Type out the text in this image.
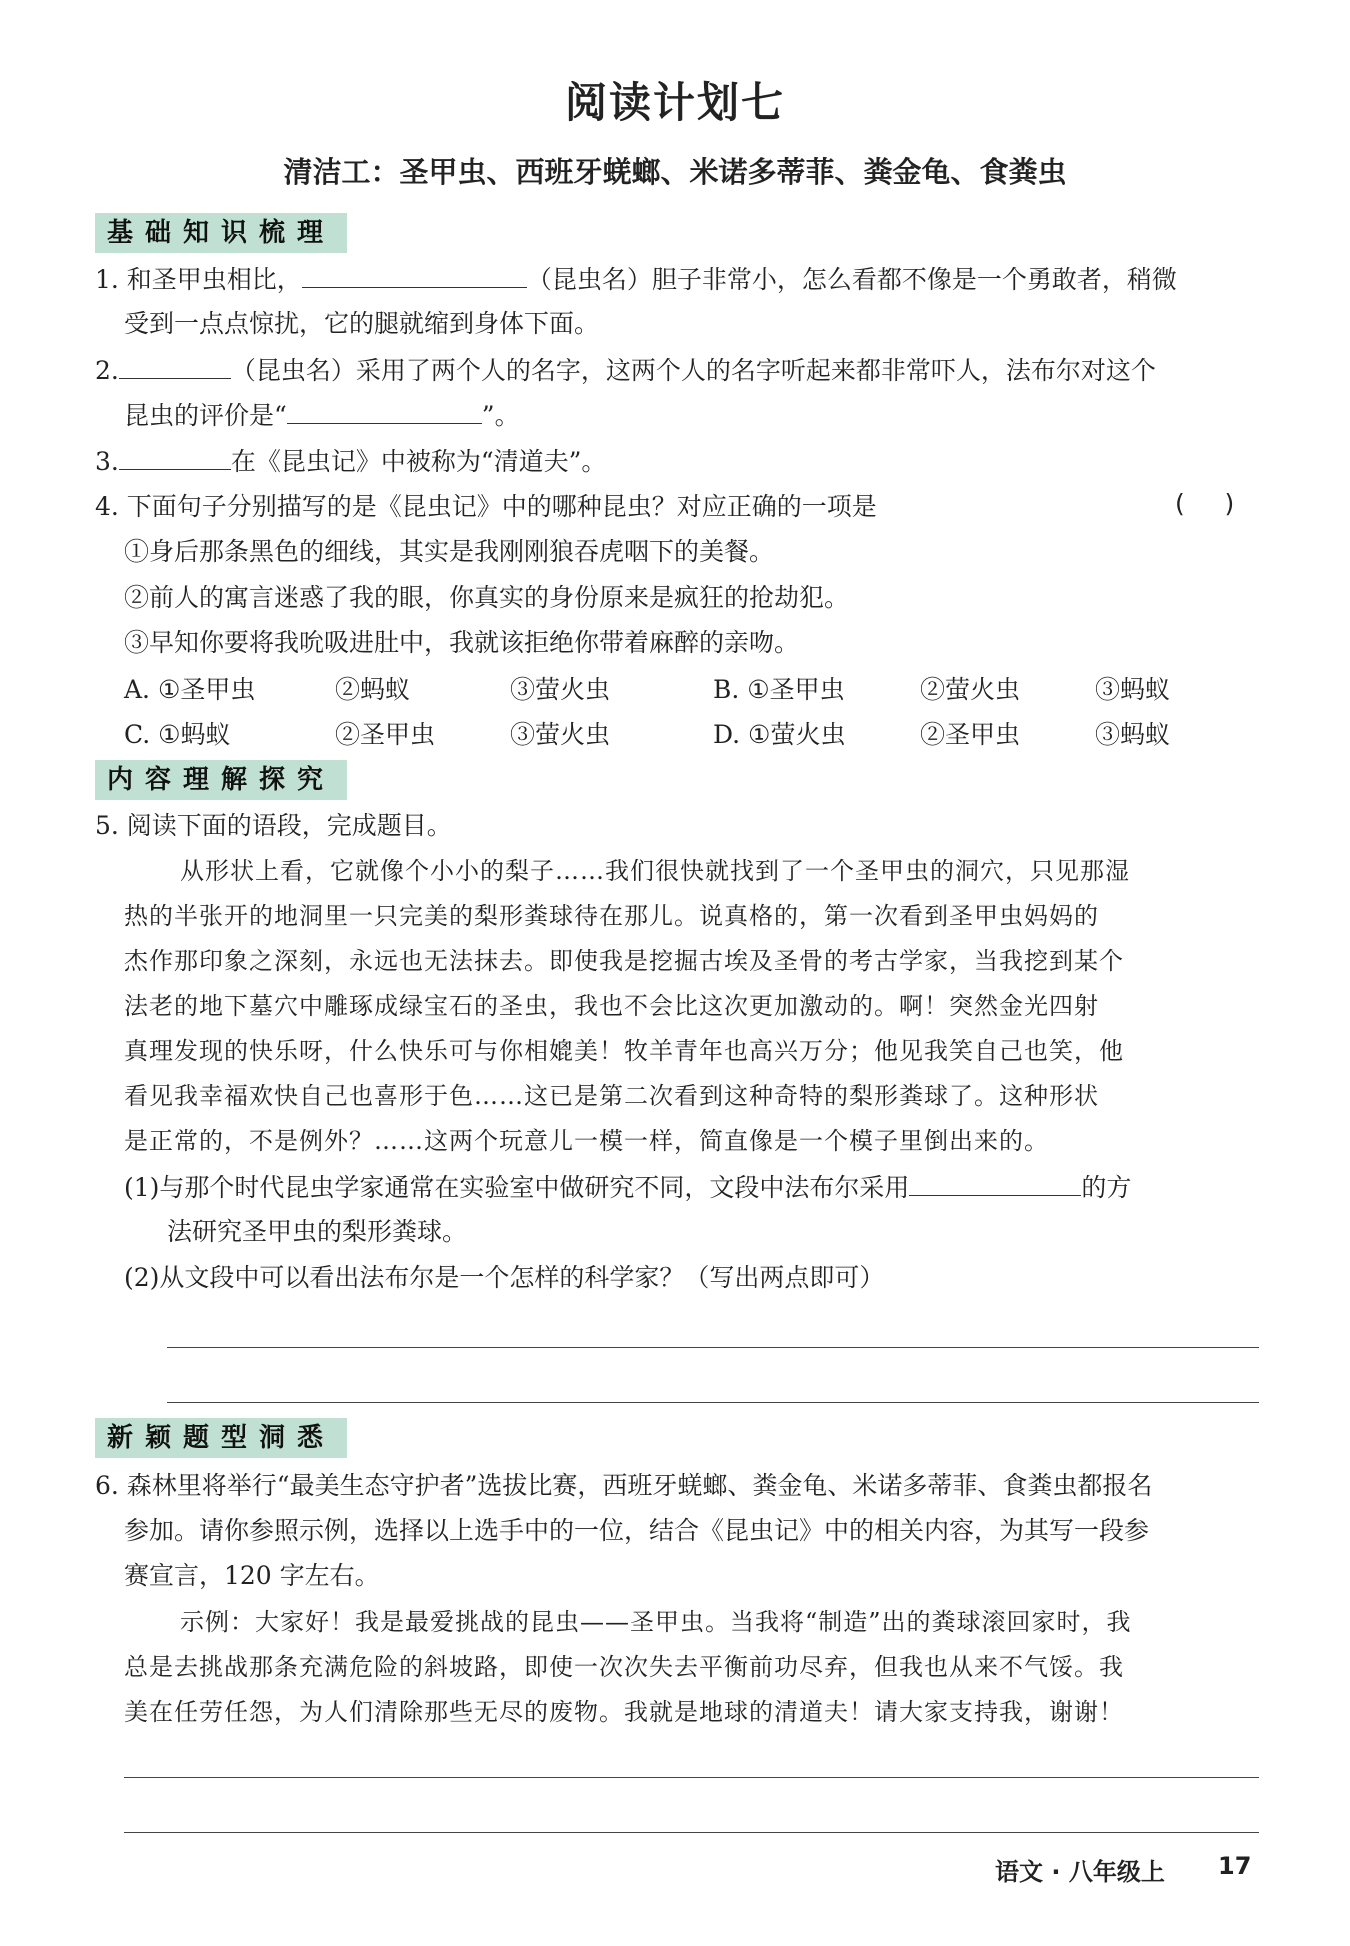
阅读计划七
清洁工：圣甲虫、西班牙蜣螂、米诺多蒂菲、粪金龟、食粪虫
基础知识梳理
1. 和圣甲虫相比，	（昆虫名）胆子非常小，怎么看都不像是一个勇敢者，稍微
受到一点点惊扰，它的腿就缩到身体下面。
2.	（昆虫名）采用了两个人的名字，这两个人的名字听起来都非常吓人，法布尔对这个
昆虫的评价是“	”。
3.	在《昆虫记》中被称为“清道夫”。
4. 下面句子分别描写的是《昆虫记》中的哪种昆虫？对应正确的一项是	(     )
①身后那条黑色的细线，其实是我刚刚狼吞虎咽下的美餐。
②前人的寓言迷惑了我的眼，你真实的身份原来是疯狂的抢劫犯。
③早知你要将我吮吸进肚中，我就该拒绝你带着麻醉的亲吻。
A. ①圣甲虫	②蚂蚁	③萤火虫	B. ①圣甲虫	②萤火虫	③蚂蚁
C. ①蚂蚁	②圣甲虫	③萤火虫	D. ①萤火虫	②圣甲虫	③蚂蚁
内容理解探究
5. 阅读下面的语段，完成题目。
从形状上看，它就像个小小的梨子……我们很快就找到了一个圣甲虫的洞穴，只见那湿
热的半张开的地洞里一只完美的梨形粪球待在那儿。说真格的，第一次看到圣甲虫妈妈的
杰作那印象之深刻，永远也无法抹去。即使我是挖掘古埃及圣骨的考古学家，当我挖到某个
法老的地下墓穴中雕琢成绿宝石的圣虫，我也不会比这次更加激动的。啊！突然金光四射
真理发现的快乐呀，什么快乐可与你相媲美！牧羊青年也高兴万分；他见我笑自己也笑，他
看见我幸福欢快自己也喜形于色……这已是第二次看到这种奇特的梨形粪球了。这种形状
是正常的，不是例外？……这两个玩意儿一模一样，简直像是一个模子里倒出来的。
(1)与那个时代昆虫学家通常在实验室中做研究不同，文段中法布尔采用	的方
法研究圣甲虫的梨形粪球。
(2)从文段中可以看出法布尔是一个怎样的科学家？（写出两点即可）
新颖题型洞悉
6. 森林里将举行“最美生态守护者”选拔比赛，西班牙蜣螂、粪金龟、米诺多蒂菲、食粪虫都报名
参加。请你参照示例，选择以上选手中的一位，结合《昆虫记》中的相关内容，为其写一段参
赛宣言，120 字左右。
示例：大家好！我是最爱挑战的昆虫——圣甲虫。当我将“制造”出的粪球滚回家时，我
总是去挑战那条充满危险的斜坡路，即使一次次失去平衡前功尽弃，但我也从来不气馁。我
美在任劳任怨，为人们清除那些无尽的废物。我就是地球的清道夫！请大家支持我，谢谢！
语文 · 八年级上 17
